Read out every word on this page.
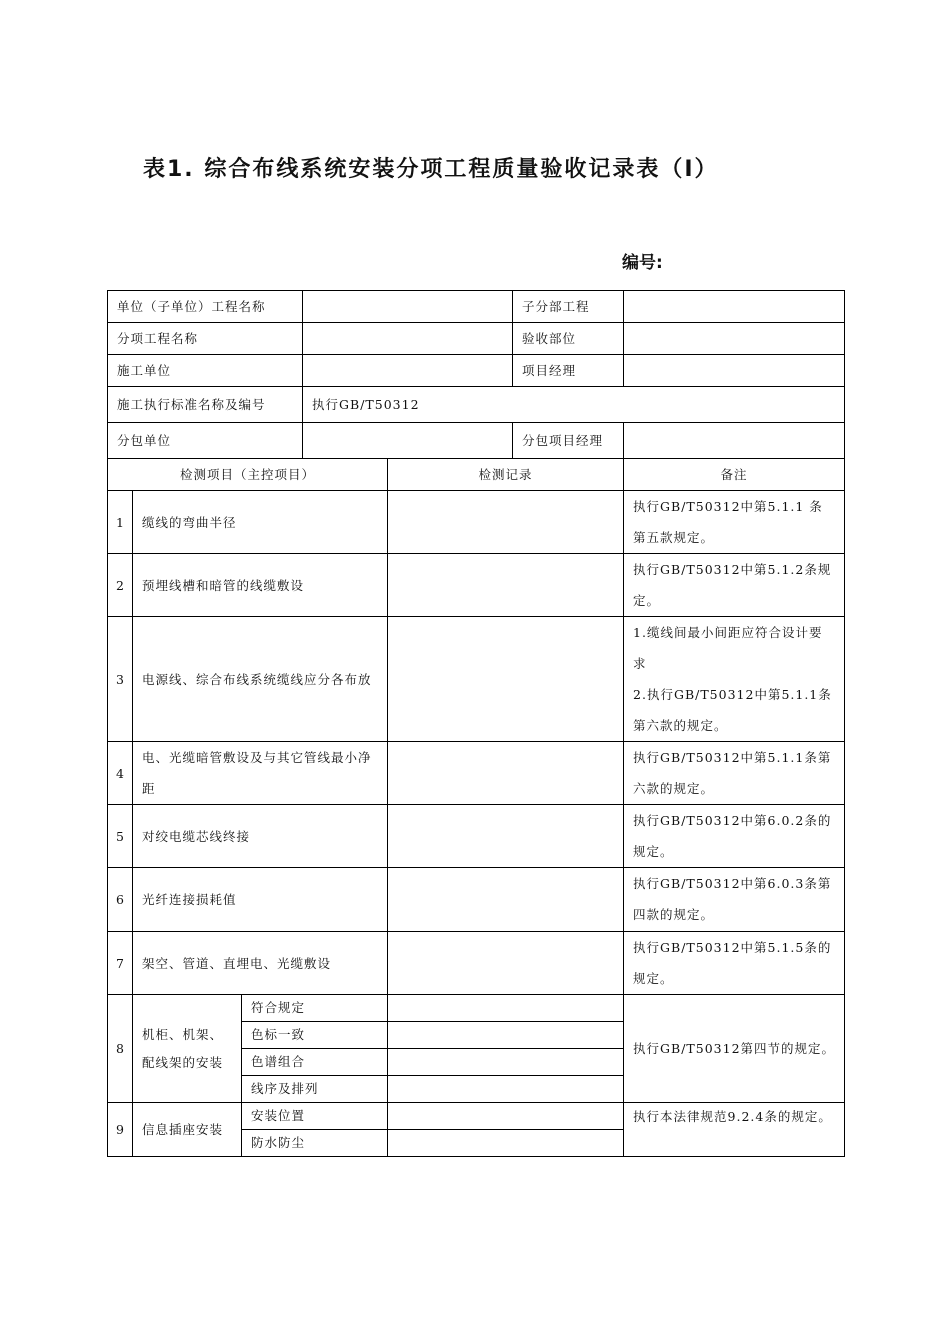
表1. 综合布线系统安装分项工程质量验收记录表（Ⅰ）
编号:
单位（子单位）工程名称					子分部工程	
分项工程名称					验收部位	
施工单位					项目经理	
施工执行标准名称及编号			执行GB/T50312			
分包单位					分包项目经理	
检测项目（主控项目）				检测记录		备注
1	缆线的弯曲半径					执行GB/T50312中第5.1.1 条第五款规定。
2	预埋线槽和暗管的线缆敷设					执行GB/T50312中第5.1.2条规定。
3	电源线、综合布线系统缆线应分各布放					1.缆线间最小间距应符合设计要求
2.执行GB/T50312中第5.1.1条第六款的规定。

4	电、光缆暗管敷设及与其它管线最小净距					执行GB/T50312中第5.1.1条第六款的规定。
5	对绞电缆芯线终接					执行GB/T50312中第6.0.2条的规定。
6	光纤连接损耗值					执行GB/T50312中第6.0.3条第四款的规定。
7	架空、管道、直埋电、光缆敷设					执行GB/T50312中第5.1.5条的规定。
8	机柜、机架、配线架的安装	符合规定				执行GB/T50312第四节的规定。
		色标一致				
		色谱组合				
		线序及排列				
9	信息插座安装	安装位置				执行本法律规范9.2.4条的规定。
		防水防尘				
